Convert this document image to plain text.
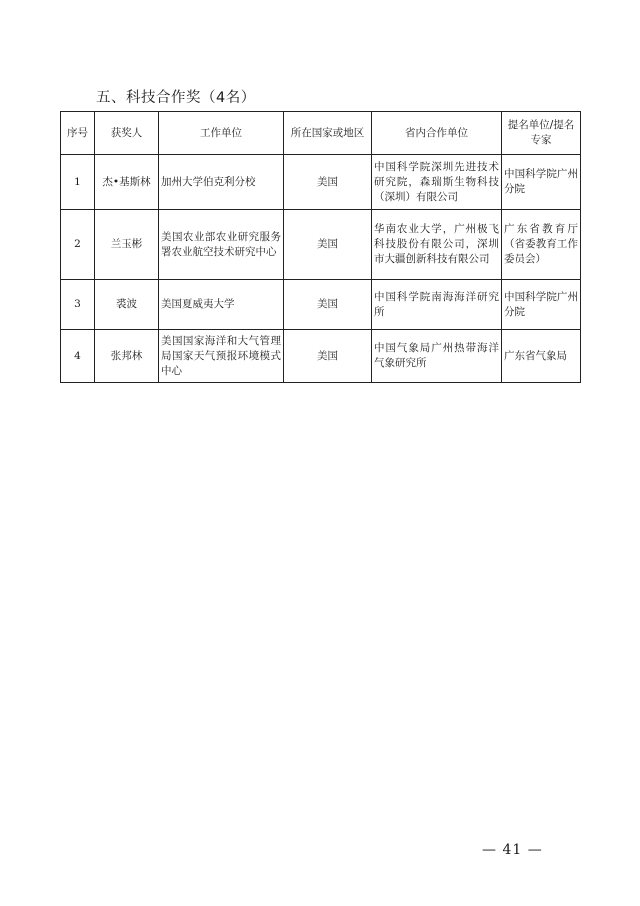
五、科技合作奖（4名）
序号	获奖人	工作单位	所在国家或地区	省内合作单位	提名单位/提名专家
1	杰•基斯林	加州大学伯克利分校	美国	中国科学院深圳先进技术研究院，森瑞斯生物科技（深圳）有限公司	中国科学院广州分院
2	兰玉彬	美国农业部农业研究服务署农业航空技术研究中心	美国	华南农业大学，广州极飞科技股份有限公司，深圳市大疆创新科技有限公司	广东省教育厅（省委教育工作委员会）
3	裘波	美国夏威夷大学	美国	中国科学院南海海洋研究所	中国科学院广州分院
4	张邦林	美国国家海洋和大气管理局国家天气预报环境模式中心	美国	中国气象局广州热带海洋气象研究所	广东省气象局
— 41 —
